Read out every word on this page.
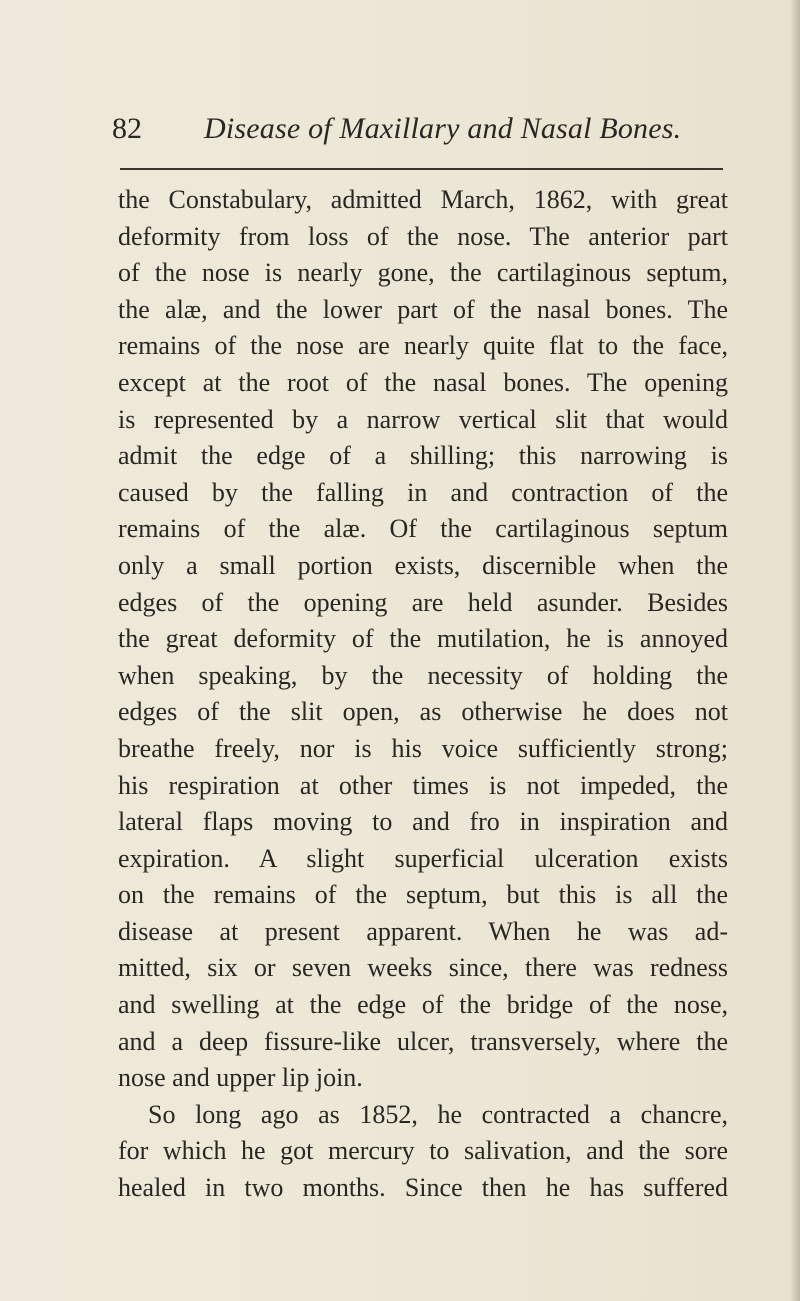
82 Disease of Maxillary and Nasal Bones.
the Constabulary, admitted March, 1862, with great
deformity from loss of the nose. The anterior part
of the nose is nearly gone, the cartilaginous septum,
the alæ, and the lower part of the nasal bones. The
remains of the nose are nearly quite flat to the face,
except at the root of the nasal bones. The opening
is represented by a narrow vertical slit that would
admit the edge of a shilling; this narrowing is
caused by the falling in and contraction of the
remains of the alæ. Of the cartilaginous septum
only a small portion exists, discernible when the
edges of the opening are held asunder. Besides
the great deformity of the mutilation, he is annoyed
when speaking, by the necessity of holding the
edges of the slit open, as otherwise he does not
breathe freely, nor is his voice sufficiently strong;
his respiration at other times is not impeded, the
lateral flaps moving to and fro in inspiration and
expiration. A slight superficial ulceration exists
on the remains of the septum, but this is all the
disease at present apparent. When he was ad-
mitted, six or seven weeks since, there was redness
and swelling at the edge of the bridge of the nose,
and a deep fissure-like ulcer, transversely, where the
nose and upper lip join.
So long ago as 1852, he contracted a chancre,
for which he got mercury to salivation, and the sore
healed in two months. Since then he has suffered
